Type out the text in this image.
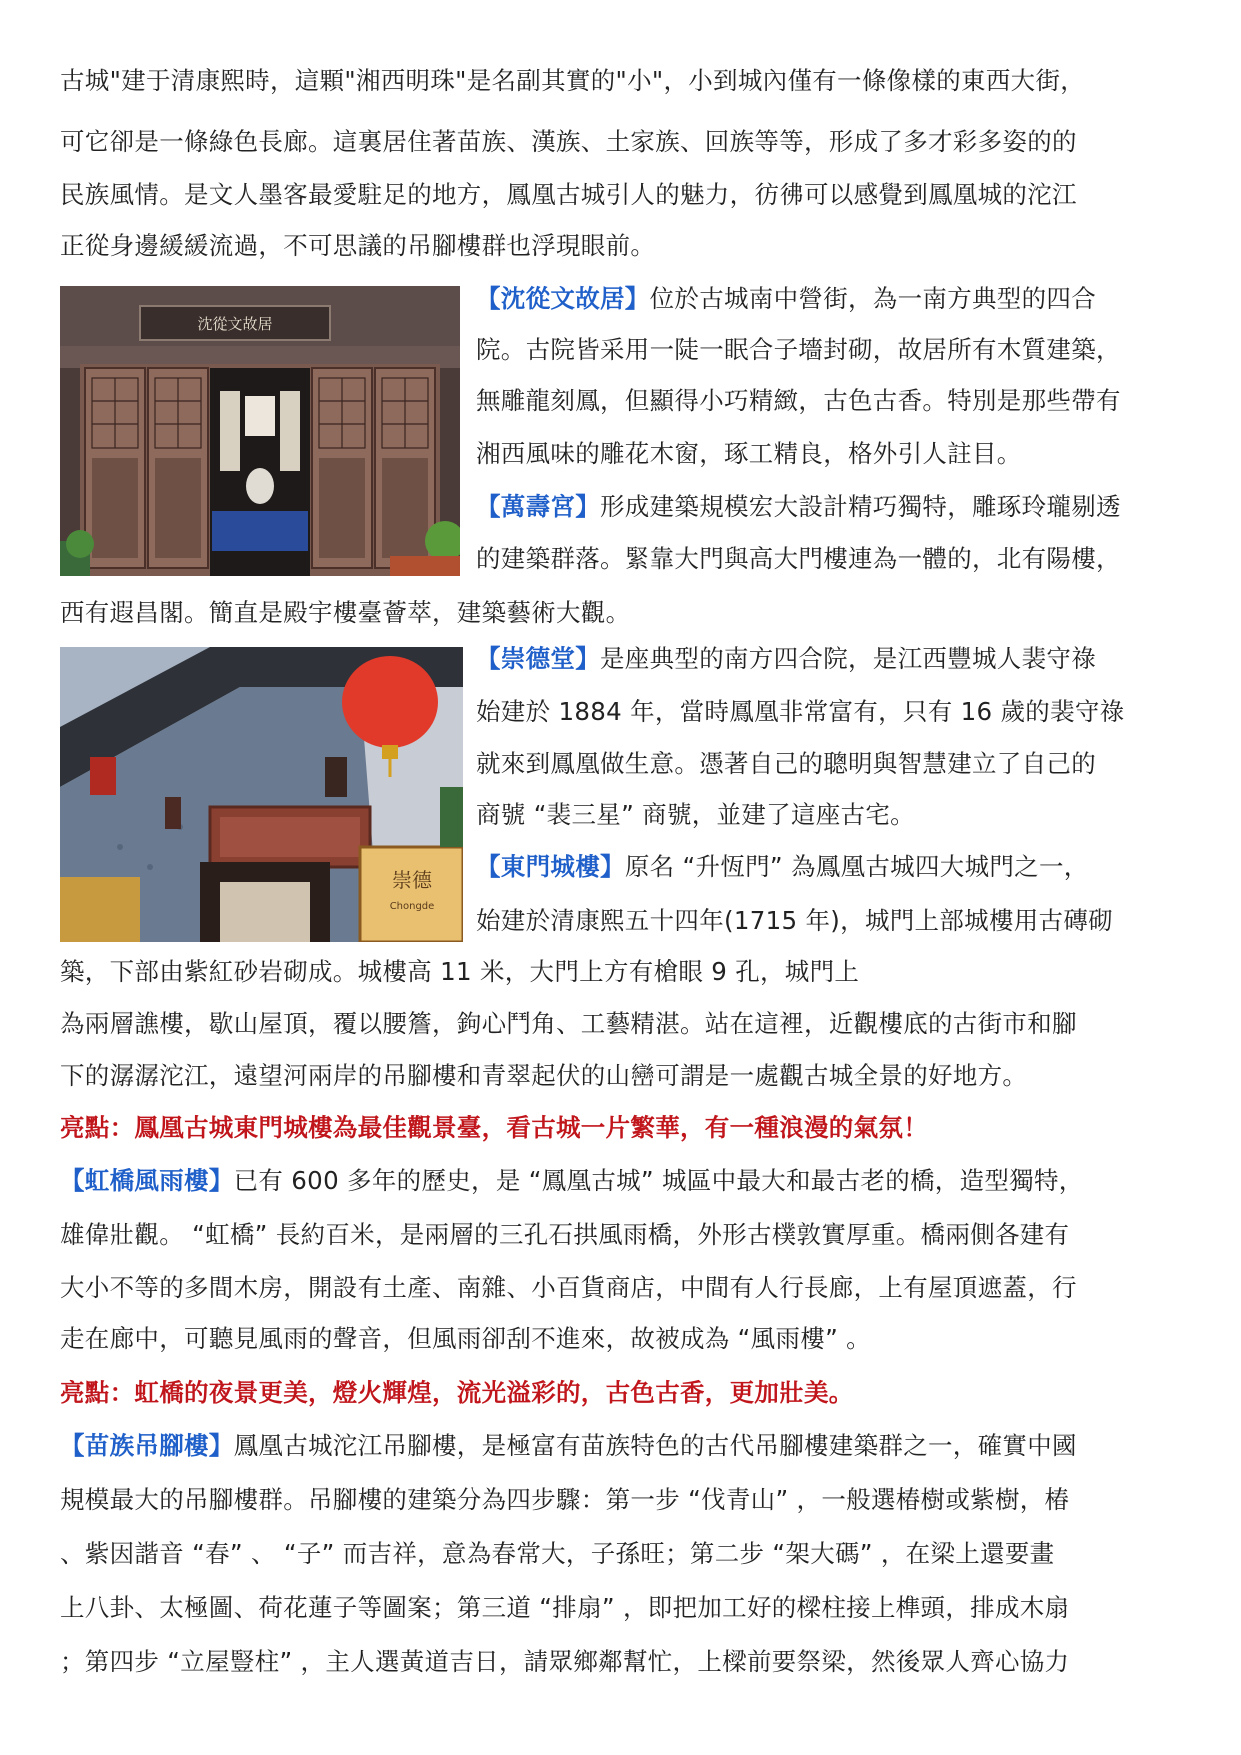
古城"建于清康熙時，這顆"湘西明珠"是名副其實的"小"，小到城內僅有一條像樣的東西大街，
可它卻是一條綠色長廊。這裏居住著苗族、漢族、土家族、回族等等，形成了多才彩多姿的的
民族風情。是文人墨客最愛駐足的地方，鳳凰古城引人的魅力，彷彿可以感覺到鳳凰城的沱江
正從身邊緩緩流過，不可思議的吊腳樓群也浮現眼前。
沈從文故居
【沈從文故居】位於古城南中營街，為一南方典型的四合
院。古院皆采用一陡一眠合子墻封砌，故居所有木質建築，
無雕龍刻鳳，但顯得小巧精緻，古色古香。特別是那些帶有
湘西風味的雕花木窗，琢工精良，格外引人註目。
【萬壽宮】形成建築規模宏大設計精巧獨特，雕琢玲瓏剔透
的建築群落。緊靠大門與高大門樓連為一體的，北有陽樓，
西有遐昌閣。簡直是殿宇樓臺薈萃，建築藝術大觀。
崇德
Chongde
【崇德堂】是座典型的南方四合院，是江西豐城人裴守祿
始建於 1884 年，當時鳳凰非常富有，只有 16 歲的裴守祿
就來到鳳凰做生意。憑著自己的聰明與智慧建立了自己的
商號 “裴三星” 商號，並建了這座古宅。
【東門城樓】原名 “升恆門” 為鳳凰古城四大城門之一，
始建於清康熙五十四年(1715 年)，城門上部城樓用古磚砌
築，下部由紫紅砂岩砌成。城樓高 11 米，大門上方有槍眼 9 孔，城門上
為兩層譙樓，歇山屋頂，覆以腰簷，鉤心鬥角、工藝精湛。站在這裡，近觀樓底的古街市和腳
下的潺潺沱江，遠望河兩岸的吊腳樓和青翠起伏的山巒可謂是一處觀古城全景的好地方。
亮點：鳳凰古城東門城樓為最佳觀景臺，看古城一片繁華，有一種浪漫的氣氛！
【虹橋風雨樓】已有 600 多年的歷史，是 “鳳凰古城” 城區中最大和最古老的橋，造型獨特，
雄偉壯觀。 “虹橋” 長約百米，是兩層的三孔石拱風雨橋，外形古樸敦實厚重。橋兩側各建有
大小不等的多間木房，開設有土產、南雜、小百貨商店，中間有人行長廊，上有屋頂遮蓋，行
走在廊中，可聽見風雨的聲音，但風雨卻刮不進來，故被成為 “風雨樓” 。
亮點：虹橋的夜景更美，燈火輝煌，流光溢彩的，古色古香，更加壯美。
【苗族吊腳樓】鳳凰古城沱江吊腳樓，是極富有苗族特色的古代吊腳樓建築群之一，確實中國
規模最大的吊腳樓群。吊腳樓的建築分為四步驟：第一步 “伐青山” ，一般選椿樹或紫樹，椿
、紫因諧音 “春” 、 “子” 而吉祥，意為春常大，子孫旺；第二步 “架大碼” ，在梁上還要畫
上八卦、太極圖、荷花蓮子等圖案；第三道 “排扇” ，即把加工好的樑柱接上榫頭，排成木扇
；第四步 “立屋豎柱” ，主人選黃道吉日，請眾鄉鄰幫忙，上樑前要祭梁，然後眾人齊心協力
